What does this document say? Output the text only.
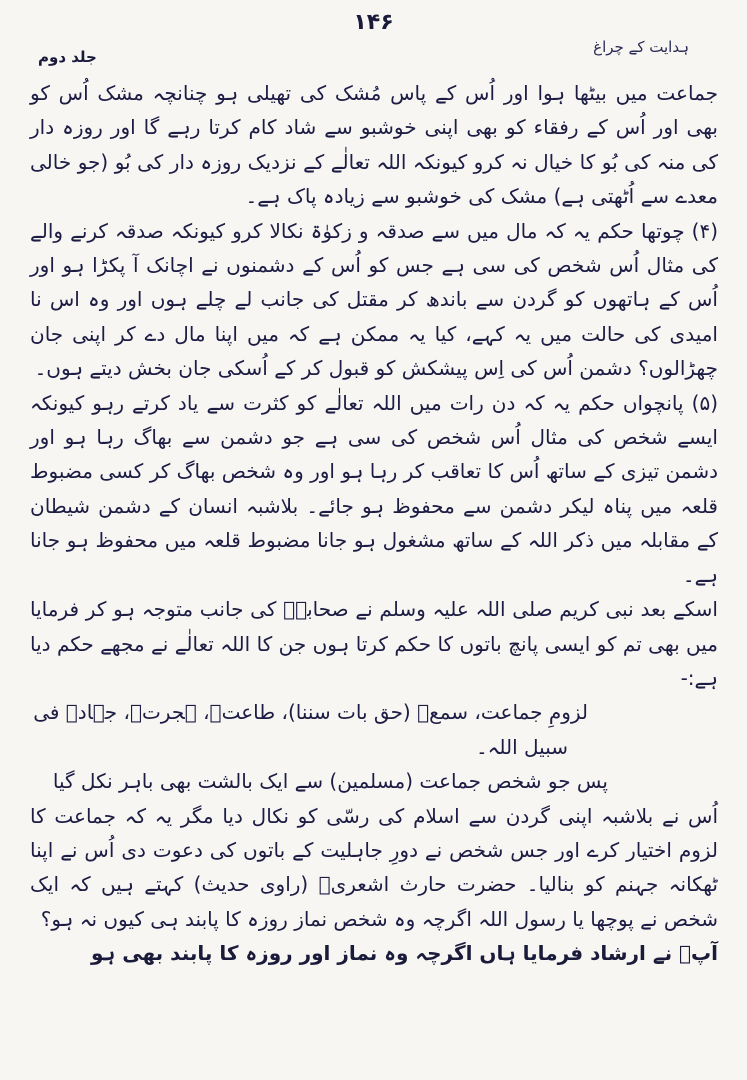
۱۴۶
ہدایت کے چراغ
جلد دوم

جماعت میں بیٹھا ہوا اور اُس کے پاس مُشک کی تھیلی ہو چنانچہ مشک اُس کو بھی اور اُس کے رفقاء کو بھی اپنی خوشبو سے شاد کام کرتا رہے گا اور روزہ دار کی منہ کی بُو کا خیال نہ کرو کیونکہ اللہ تعالٰے کے نزدیک روزہ دار کی بُو (جو خالی معدے سے اُٹھتی ہے) مشک کی خوشبو سے زیادہ پاک ہے۔

(۴) چوتھا حکم یہ کہ مال میں سے صدقہ و زکوٰۃ نکالا کرو کیونکہ صدقہ کرنے والے کی مثال اُس شخص کی سی ہے جس کو اُس کے دشمنوں نے اچانک آ پکڑا ہو اور اُس کے ہاتھوں کو گردن سے باندھ کر مقتل کی جانب لے چلے ہوں اور وہ اس نا امیدی کی حالت میں یہ کہے، کیا یہ ممکن ہے کہ میں اپنا مال دے کر اپنی جان چھڑالوں؟ دشمن اُس کی اِس پیشکش کو قبول کر کے اُسکی جان بخش دیتے ہوں۔

(۵) پانچواں حکم یہ کہ دن رات میں اللہ تعالٰے کو کثرت سے یاد کرتے رہو کیونکہ ایسے شخص کی مثال اُس شخص کی سی ہے جو دشمن سے بھاگ رہا ہو اور دشمن تیزی کے ساتھ اُس کا تعاقب کر رہا ہو اور وہ شخص بھاگ کر کسی مضبوط قلعہ میں پناہ لیکر دشمن سے محفوظ ہو جائے۔ بلاشبہ انسان کے دشمن شیطان کے مقابلہ میں ذکر اللہ کے ساتھ مشغول ہو جانا مضبوط قلعہ میں محفوظ ہو جانا ہے۔

اسکے بعد نبی کریم صلی اللہ علیہ وسلم نے صحابہؓ کی جانب متوجہ ہو کر فرمایا میں بھی تم کو ایسی پانچ باتوں کا حکم کرتا ہوں جن کا اللہ تعالٰے نے مجھے حکم دیا ہے:-

لزومِ جماعت، سمعؔ (حق بات سننا)، طاعتؔ، ہجرتؔ، جہادؔ فی

سبیل اللہ۔

پس جو شخص جماعت (مسلمین) سے ایک بالشت بھی باہر نکل گیا

اُس نے بلاشبہ اپنی گردن سے اسلام کی رسّی کو نکال دیا مگر یہ کہ جماعت کا لزوم اختیار کرے اور جس شخص نے دورِ جاہلیت کے باتوں کی دعوت دی اُس نے اپنا ٹھکانہ جہنم کو بنالیا۔ حضرت حارث اشعریؓ (راوی حدیث) کہتے ہیں کہ ایک شخص نے پوچھا یا رسول اللہ اگرچہ وہ شخص نماز روزہ کا پابند ہی کیوں نہ ہو؟

آپؐ نے ارشاد فرمایا ہاں اگرچہ وہ نماز اور روزہ کا پابند بھی ہو
